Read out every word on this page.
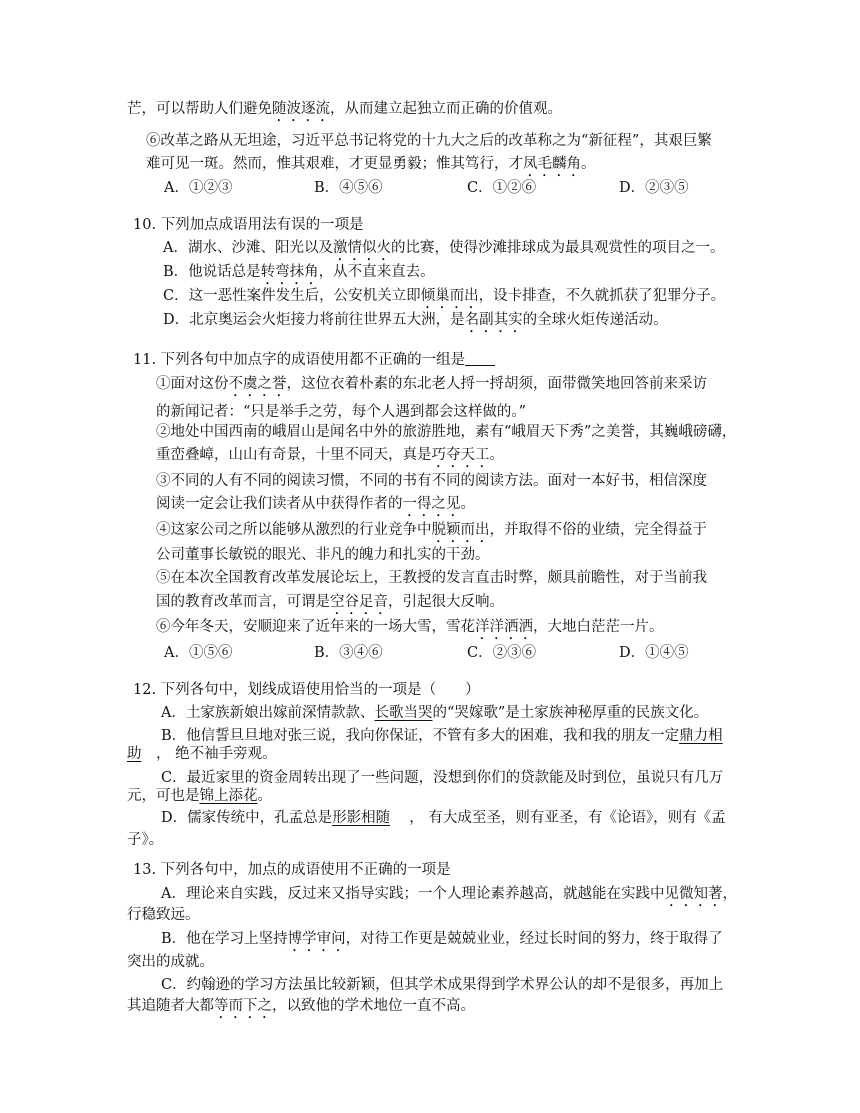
芒，可以帮助人们避免随波逐流，从而建立起独立而正确的价值观。
⑥改革之路从无坦途，习近平总书记将党的十九大之后的改革称之为“新征程”，其艰巨繁
难可见一斑。然而，惟其艰难，才更显勇毅；惟其笃行，才凤毛麟角。
A．①②③	B．④⑤⑥	C．①②⑥	D．②③⑤
10. 下列加点成语用法有误的一项是
A．湖水、沙滩、阳光以及激情似火的比赛，使得沙滩排球成为最具观赏性的项目之一。
B．他说话总是转弯抹角，从不直来直去。
C．这一恶性案件发生后，公安机关立即倾巢而出，设卡排查，不久就抓获了犯罪分子。
D．北京奥运会火炬接力将前往世界五大洲，是名副其实的全球火炬传递活动。
11. 下列各句中加点字的成语使用都不正确的一组是
①面对这份不虞之誉，这位衣着朴素的东北老人捋一捋胡须，面带微笑地回答前来采访
的新闻记者：“只是举手之劳，每个人遇到都会这样做的。”
②地处中国西南的峨眉山是闻名中外的旅游胜地，素有“峨眉天下秀”之美誉，其巍峨磅礴，
重峦叠嶂，山山有奇景，十里不同天，真是巧夺天工。
③不同的人有不同的阅读习惯，不同的书有不同的阅读方法。面对一本好书，相信深度
阅读一定会让我们读者从中获得作者的一得之见。
④这家公司之所以能够从激烈的行业竞争中脱颖而出，并取得不俗的业绩，完全得益于
公司董事长敏锐的眼光、非凡的魄力和扎实的干劲。
⑤在本次全国教育改革发展论坛上，王教授的发言直击时弊，颇具前瞻性，对于当前我
国的教育改革而言，可谓是空谷足音，引起很大反响。
⑥今年冬天，安顺迎来了近年来的一场大雪，雪花洋洋洒洒，大地白茫茫一片。
A．①⑤⑥	B．③④⑥	C．②③⑥	D．①④⑤
12. 下列各句中，划线成语使用恰当的一项是（　　）
A．土家族新娘出嫁前深情款款、长歌当哭的“哭嫁歌”是土家族神秘厚重的民族文化。
B．他信誓旦旦地对张三说，我向你保证，不管有多大的困难，我和我的朋友一定鼎力相
助　， 绝不袖手旁观。
C．最近家里的资金周转出现了一些问题，没想到你们的贷款能及时到位，虽说只有几万
元，可也是锦上添花。
D．儒家传统中，孔孟总是形影相随　 ， 有大成至圣，则有亚圣，有《论语》，则有《孟
子》。
13. 下列各句中，加点的成语使用不正确的一项是
A．理论来自实践，反过来又指导实践；一个人理论素养越高，就越能在实践中见微知著，
行稳致远。
B．他在学习上坚持博学审问，对待工作更是兢兢业业，经过长时间的努力，终于取得了
突出的成就。
C．约翰逊的学习方法虽比较新颖，但其学术成果得到学术界公认的却不是很多，再加上
其追随者大都等而下之，以致他的学术地位一直不高。
